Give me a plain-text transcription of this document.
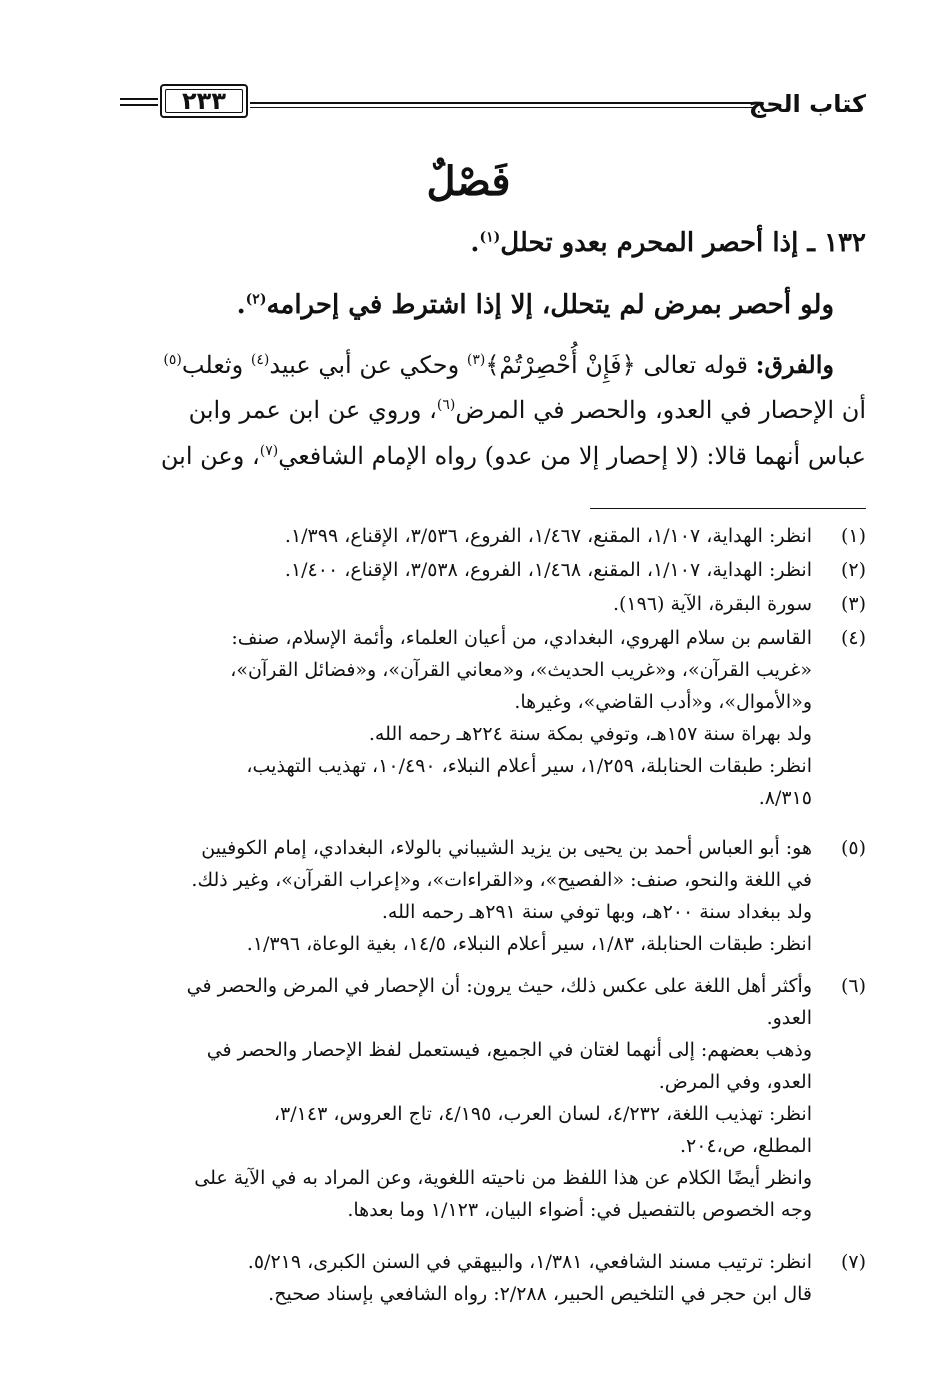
كتاب الحج
٢٣٣
فَصْلٌ
١٣٢ ـ إذا أحصر المحرم بعدو تحلل$^{(١)}$.
ولو أحصر بمرض لم يتحلل، إلا إذا اشترط في إحرامه$^{(٢)}$.
والفرق: قوله تعالى ﴿فَإِنْ أُحْصِرْتُمْ﴾$^{(٣)}$ وحكي عن أبي عبيد$^{(٤)}$ وثعلب$^{(٥)}$
أن الإحصار في العدو، والحصر في المرض$^{(٦)}$، وروي عن ابن عمر وابن
عباس أنهما قالا: (لا إحصار إلا من عدو) رواه الإمام الشافعي$^{(٧)}$، وعن ابن
(١)
انظر: الهداية، ١/١٠٧، المقنع، ١/٤٦٧، الفروع، ٣/٥٣٦، الإقناع، ١/٣٩٩.
(٢)
انظر: الهداية، ١/١٠٧، المقنع، ١/٤٦٨، الفروع، ٣/٥٣٨، الإقناع، ١/٤٠٠.
(٣)
سورة البقرة، الآية (١٩٦).
(٤)
القاسم بن سلام الهروي، البغدادي، من أعيان العلماء، وأئمة الإسلام، صنف:
«غريب القرآن»، و«غريب الحديث»، و«معاني القرآن»، و«فضائل القرآن»،
و«الأموال»، و«أدب القاضي»، وغيرها.
ولد بهراة سنة ١٥٧هـ، وتوفي بمكة سنة ٢٢٤هـ رحمه الله.
انظر: طبقات الحنابلة، ١/٢٥٩، سير أعلام النبلاء، ١٠/٤٩٠، تهذيب التهذيب،
٨/٣١٥.
(٥)
هو: أبو العباس أحمد بن يحيى بن يزيد الشيباني بالولاء، البغدادي، إمام الكوفيين
في اللغة والنحو، صنف: «الفصيح»، و«القراءات»، و«إعراب القرآن»، وغير ذلك.
ولد ببغداد سنة ٢٠٠هـ، وبها توفي سنة ٢٩١هـ رحمه الله.
انظر: طبقات الحنابلة، ١/٨٣، سير أعلام النبلاء، ١٤/٥، بغية الوعاة، ١/٣٩٦.
(٦)
وأكثر أهل اللغة على عكس ذلك، حيث يرون: أن الإحصار في المرض والحصر في
العدو.
وذهب بعضهم: إلى أنهما لغتان في الجميع، فيستعمل لفظ الإحصار والحصر في
العدو، وفي المرض.
انظر: تهذيب اللغة، ٤/٢٣٢، لسان العرب، ٤/١٩٥، تاج العروس، ٣/١٤٣،
المطلع، ص،٢٠٤.
وانظر أيضًا الكلام عن هذا اللفظ من ناحيته اللغوية، وعن المراد به في الآية على
وجه الخصوص بالتفصيل في: أضواء البيان، ١/١٢٣ وما بعدها.
(٧)
انظر: ترتيب مسند الشافعي، ١/٣٨١، والبيهقي في السنن الكبرى، ٥/٢١٩.
قال ابن حجر في التلخيص الحبير، ٢/٢٨٨: رواه الشافعي بإسناد صحيح.
